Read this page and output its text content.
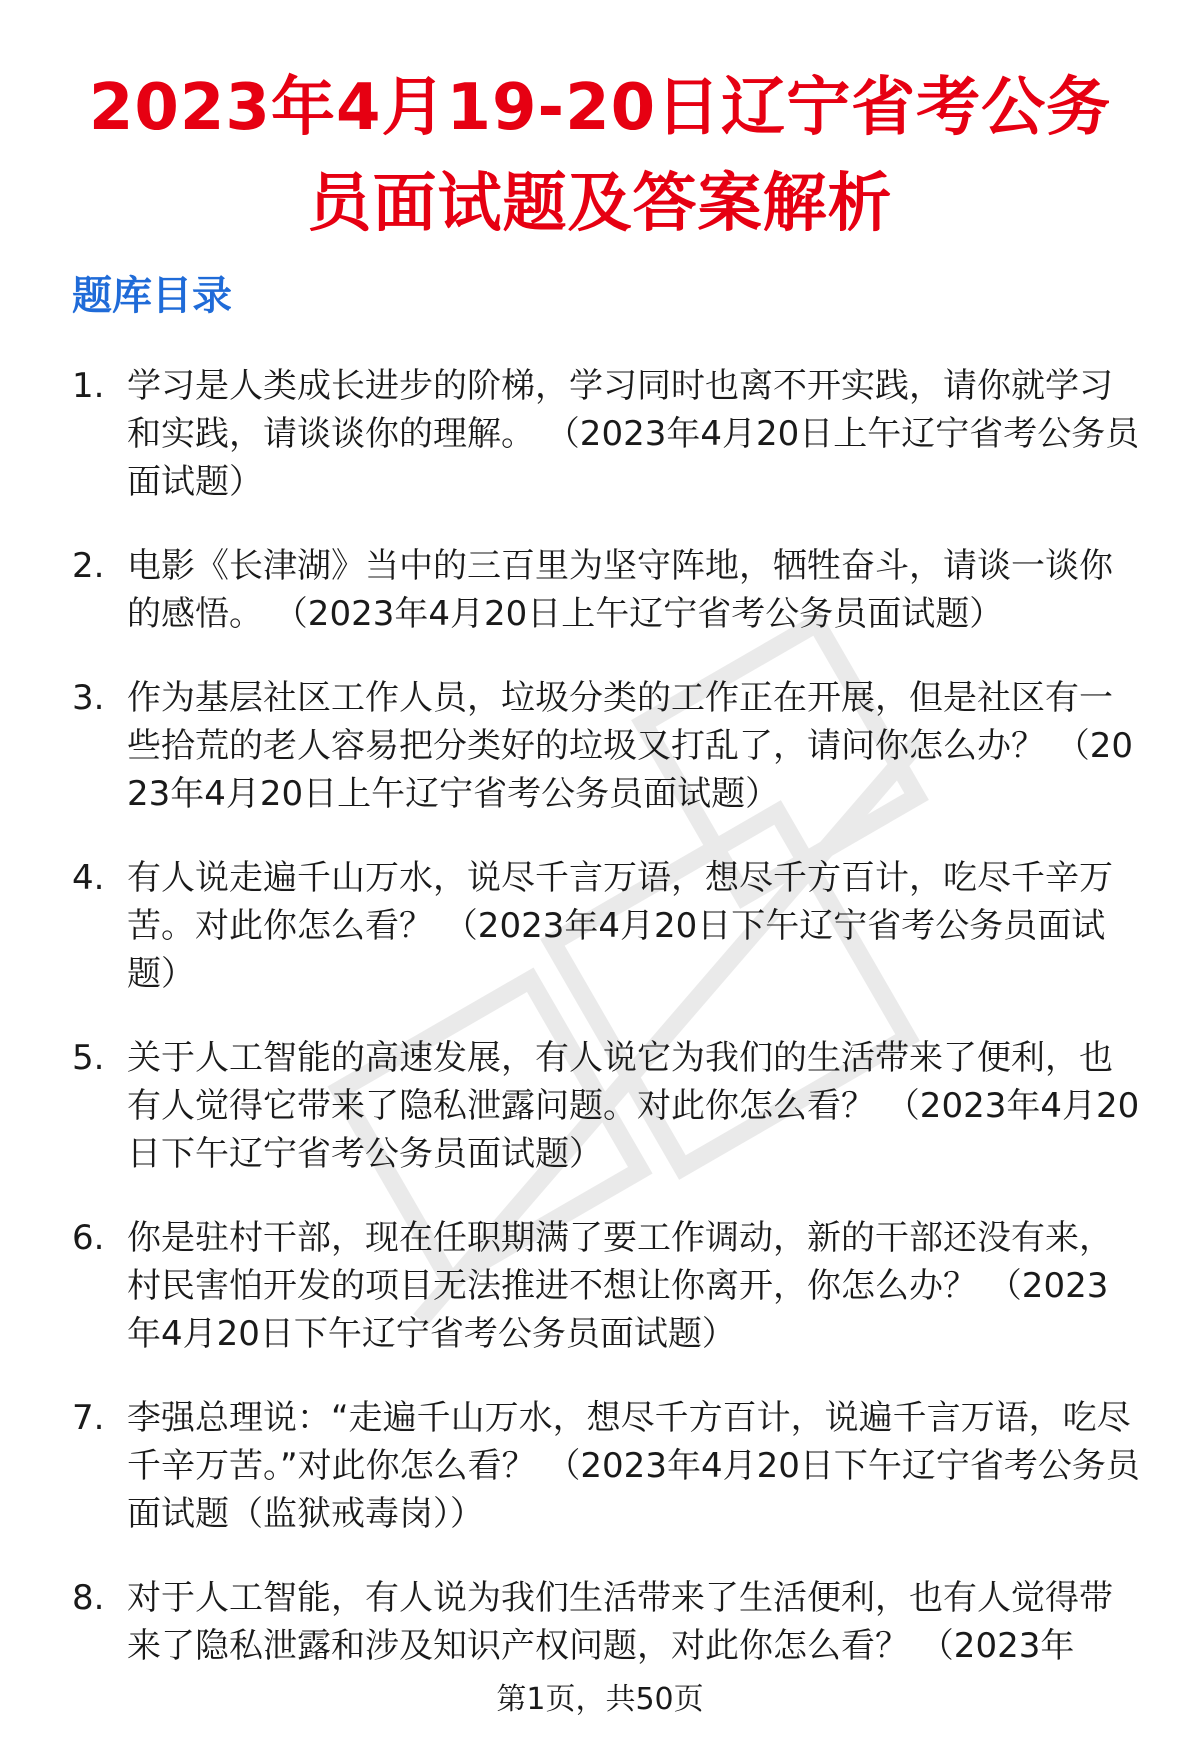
2023年4月19-20日辽宁省考公务
员面试题及答案解析
题库目录
1. 学习是人类成长进步的阶梯，学习同时也离不开实践，请你就学习和实践，请谈谈你的理解。 （2023年4月20日上午辽宁省考公务员面试题）
2. 电影《长津湖》当中的三百里为坚守阵地，牺牲奋斗，请谈一谈你的感悟。 （2023年4月20日上午辽宁省考公务员面试题）
3. 作为基层社区工作人员，垃圾分类的工作正在开展，但是社区有一些拾荒的老人容易把分类好的垃圾又打乱了，请问你怎么办？ （2023年4月20日上午辽宁省考公务员面试题）
4. 有人说走遍千山万水，说尽千言万语，想尽千方百计，吃尽千辛万苦。对此你怎么看？ （2023年4月20日下午辽宁省考公务员面试题）
5. 关于人工智能的高速发展，有人说它为我们的生活带来了便利，也有人觉得它带来了隐私泄露问题。对此你怎么看？ （2023年4月20日下午辽宁省考公务员面试题）
6. 你是驻村干部，现在任职期满了要工作调动，新的干部还没有来，村民害怕开发的项目无法推进不想让你离开，你怎么办？ （2023年4月20日下午辽宁省考公务员面试题）
7. 李强总理说：“走遍千山万水，想尽千方百计，说遍千言万语，吃尽千辛万苦。”对此你怎么看？ （2023年4月20日下午辽宁省考公务员面试题（监狱戒毒岗））
8. 对于人工智能，有人说为我们生活带来了生活便利，也有人觉得带来了隐私泄露和涉及知识产权问题，对此你怎么看？ （2023年
第1页，共50页
